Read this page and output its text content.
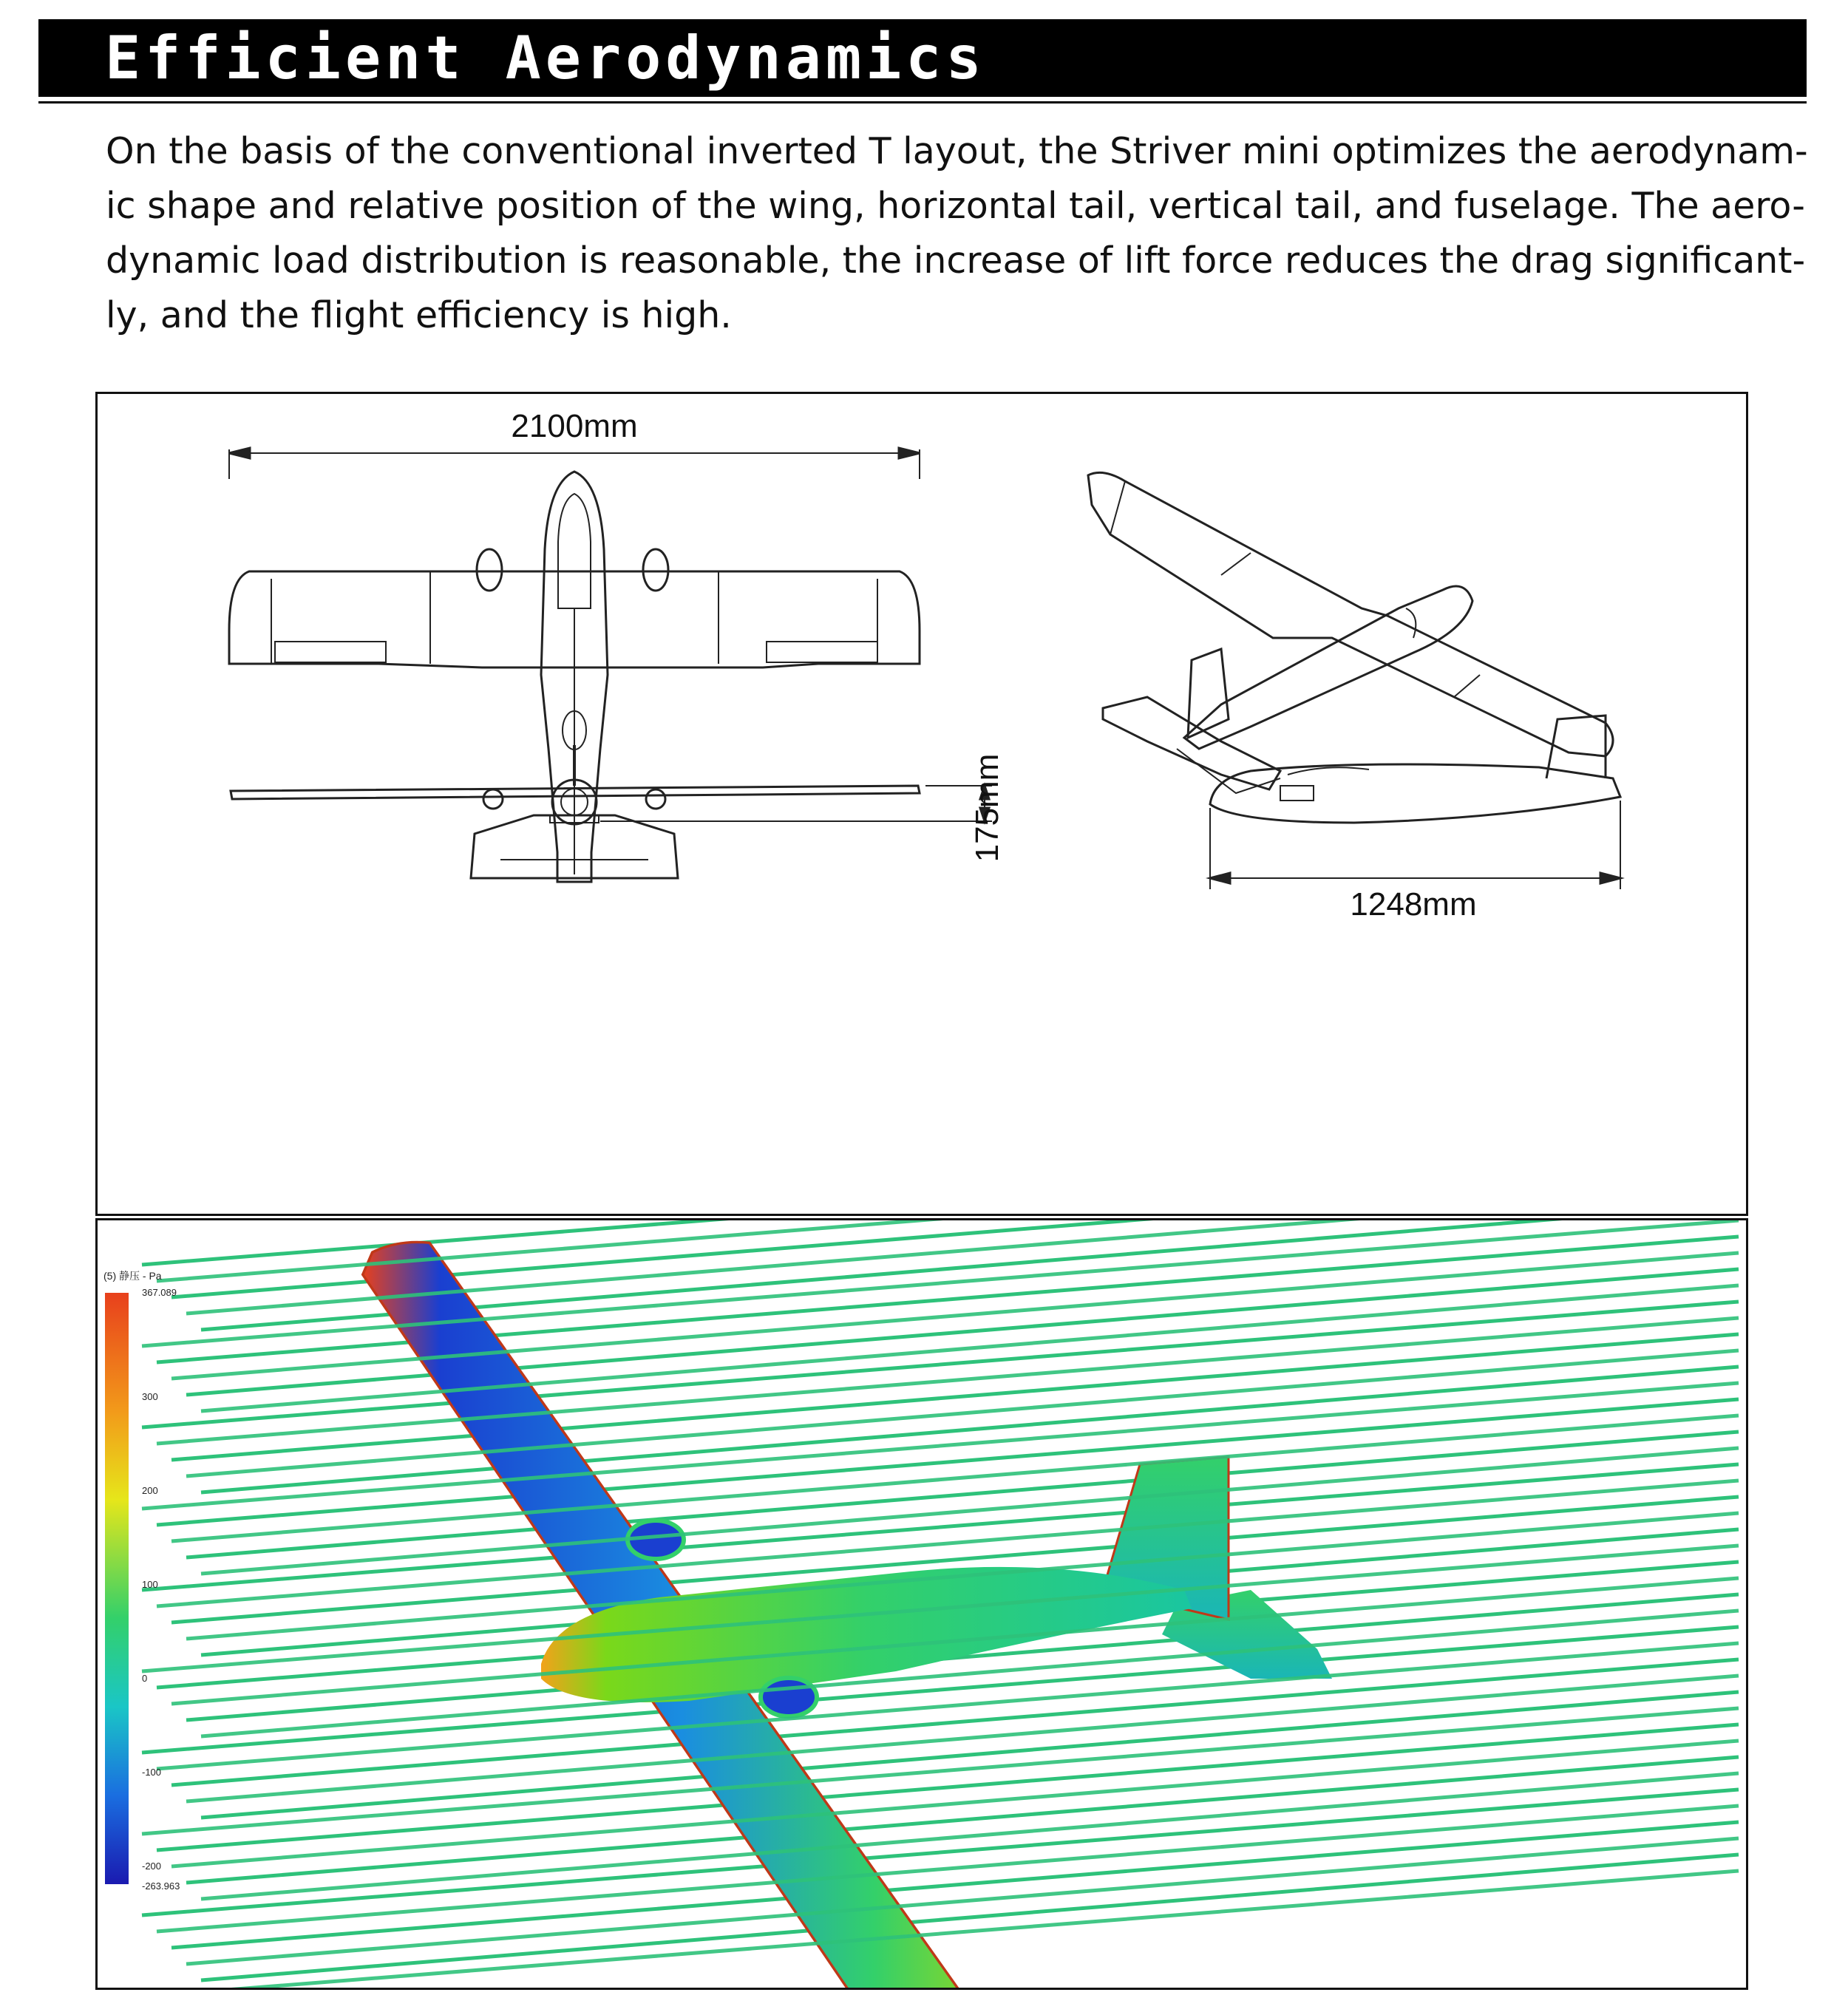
Efficient Aerodynamics
On the basis of the conventional inverted T layout, the Striver mini optimizes the aerodynam-
ic shape and relative position of the wing, horizontal tail, vertical tail, and fuselage. The aero-
dynamic load distribution is reasonable, the increase of lift force reduces the drag significant-
ly, and the flight efficiency is high.
2100mm
175mm
1248mm
(5) 静压 - Pa
367.089
300
200
100
0
-100
-200
-263.963
